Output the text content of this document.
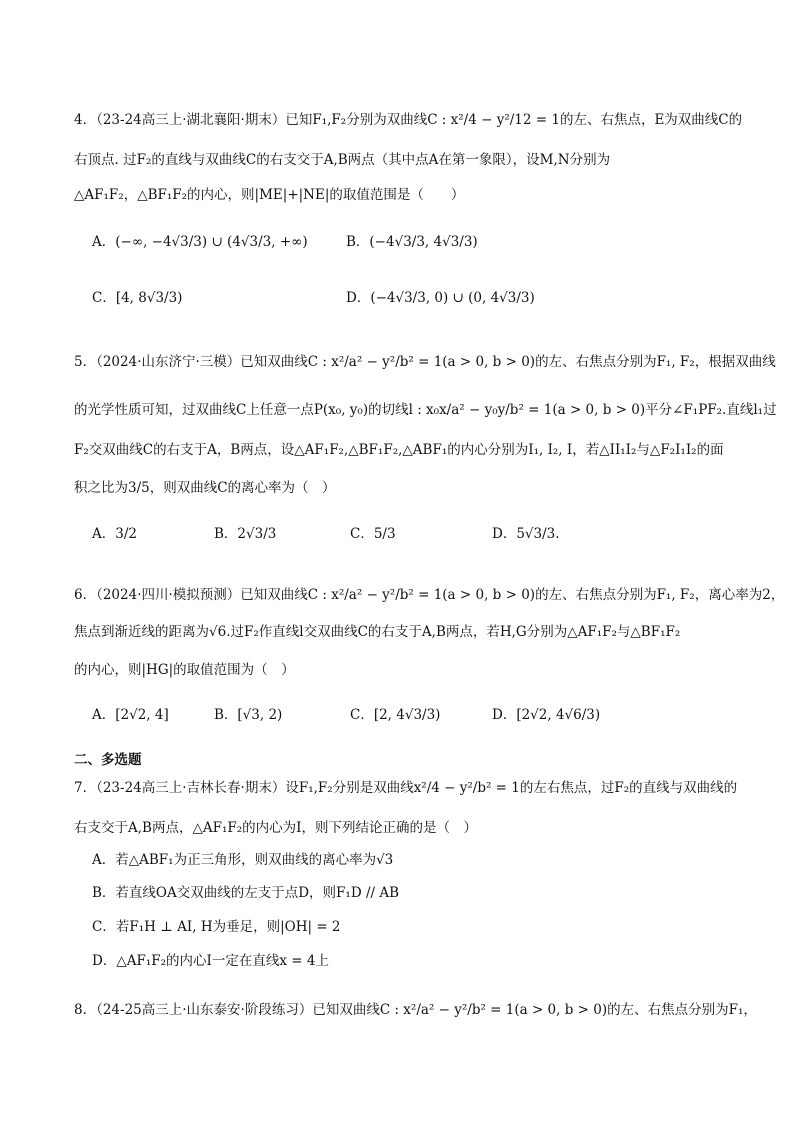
4．（23-24高三上·湖北襄阳·期末）已知F₁,F₂分别为双曲线C : x²/4 − y²/12 = 1的左、右焦点，E为双曲线C的
右顶点. 过F₂的直线与双曲线C的右支交于A,B两点（其中点A在第一象限），设M,N分别为
△AF₁F₂，△BF₁F₂的内心，则|ME|+|NE|的取值范围是（　　）
A．(−∞, −4√3/3) ∪ (4√3/3, +∞)	B．(−4√3/3, 4√3/3)
C．[4, 8√3/3)	D．(−4√3/3, 0) ∪ (0, 4√3/3)
5．（2024·山东济宁·三模）已知双曲线C : x²/a² − y²/b² = 1(a > 0, b > 0)的左、右焦点分别为F₁, F₂，根据双曲线
的光学性质可知，过双曲线C上任意一点P(x₀, y₀)的切线l : x₀x/a² − y₀y/b² = 1(a > 0, b > 0)平分∠F₁PF₂.直线l₁过
F₂交双曲线C的右支于A，B两点，设△AF₁F₂,△BF₁F₂,△ABF₁的内心分别为I₁, I₂, I，若△II₁I₂与△F₂I₁I₂的面
积之比为3/5，则双曲线C的离心率为（　）
A．3/2	B．2√3/3	C．5/3	D．5√3/3.
6．（2024·四川·模拟预测）已知双曲线C : x²/a² − y²/b² = 1(a > 0, b > 0)的左、右焦点分别为F₁, F₂，离心率为2，
焦点到渐近线的距离为√6.过F₂作直线l交双曲线C的右支于A,B两点，若H,G分别为△AF₁F₂与△BF₁F₂
的内心，则|HG|的取值范围为（　）
A．[2√2, 4]	B．[√3, 2)	C．[2, 4√3/3)	D．[2√2, 4√6/3)
二、多选题
7．（23-24高三上·吉林长春·期末）设F₁,F₂分别是双曲线x²/4 − y²/b² = 1的左右焦点，过F₂的直线与双曲线的
右支交于A,B两点，△AF₁F₂的内心为I，则下列结论正确的是（　）
A．若△ABF₁为正三角形，则双曲线的离心率为√3
B．若直线OA交双曲线的左支于点D，则F₁D // AB
C．若F₁H ⊥ AI, H为垂足，则|OH| = 2
D．△AF₁F₂的内心I一定在直线x = 4上
8．（24-25高三上·山东泰安·阶段练习）已知双曲线C : x²/a² − y²/b² = 1(a > 0, b > 0)的左、右焦点分别为F₁，
